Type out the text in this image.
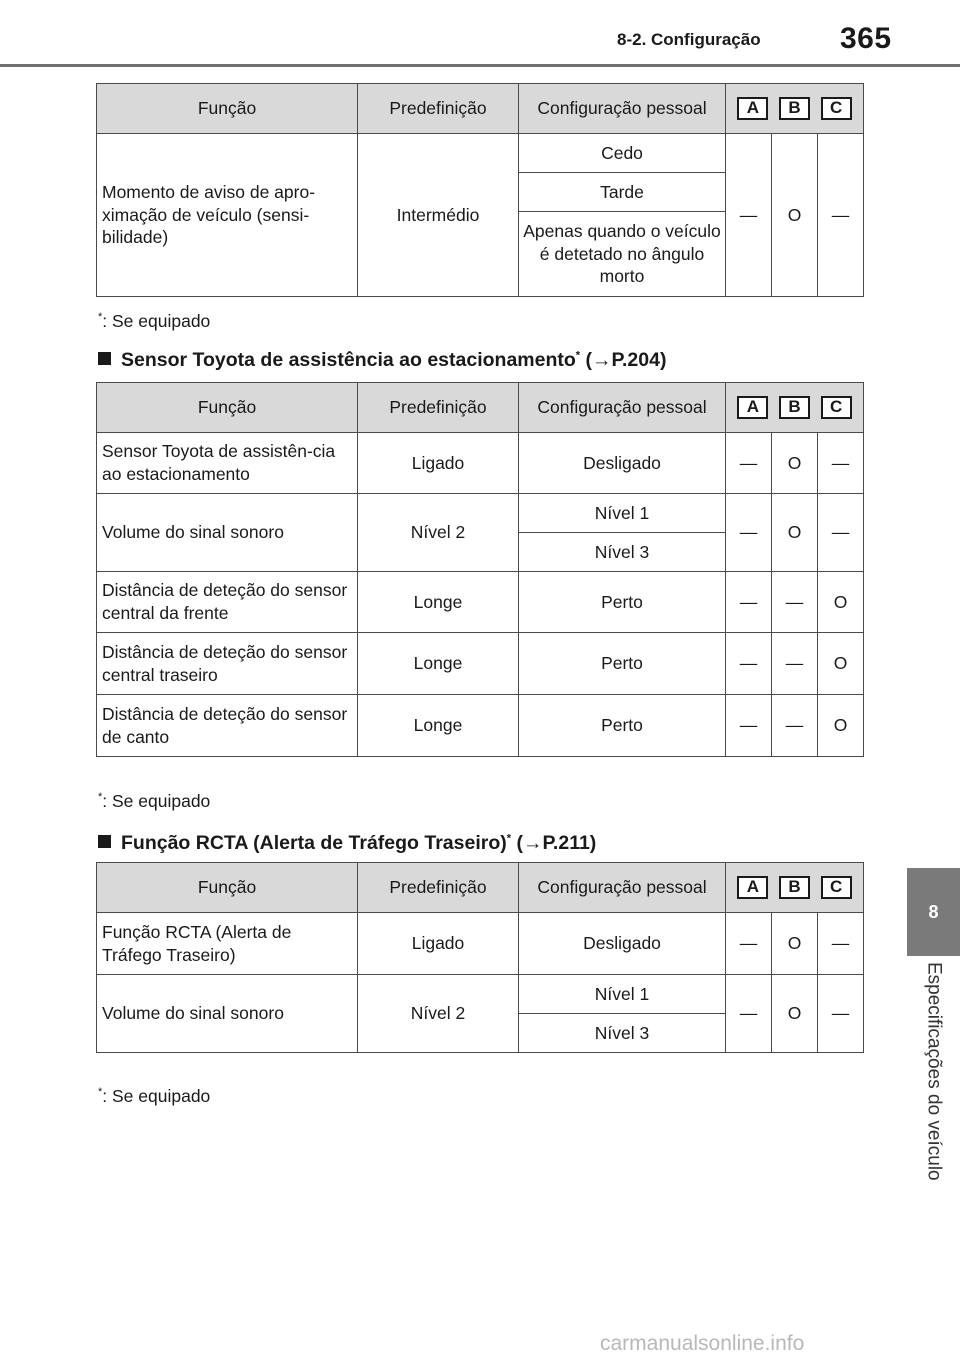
8-2. Configuração	365
8
Especificações do veículo
Função	Predefinição	Configuração pessoal	A B C		

Momento de aviso de apro-ximação de veículo (sensi-bilidade)	Intermédio	Cedo	—	O	—
		Tarde			
		Apenas quando o veículo é detetado no ângulo morto			
*: Se equipado
Sensor Toyota de assistência ao estacionamento* (→P.204)
Função	Predefinição	Configuração pessoal	A B C		

Sensor Toyota de assistên-cia ao estacionamento	Ligado	Desligado	—	O	—
Volume do sinal sonoro	Nível 2	Nível 1	—	O	—
		Nível 3			
Distância de deteção do sensor central da frente	Longe	Perto	—	—	O
Distância de deteção do sensor central traseiro	Longe	Perto	—	—	O
Distância de deteção do sensor de canto	Longe	Perto	—	—	O
*: Se equipado
Função RCTA (Alerta de Tráfego Traseiro)* (→P.211)
Função	Predefinição	Configuração pessoal	A B C		

Função RCTA (Alerta de Tráfego Traseiro)	Ligado	Desligado	—	O	—
Volume do sinal sonoro	Nível 2	Nível 1	—	O	—
		Nível 3			
*: Se equipado
carmanualsonline.info
